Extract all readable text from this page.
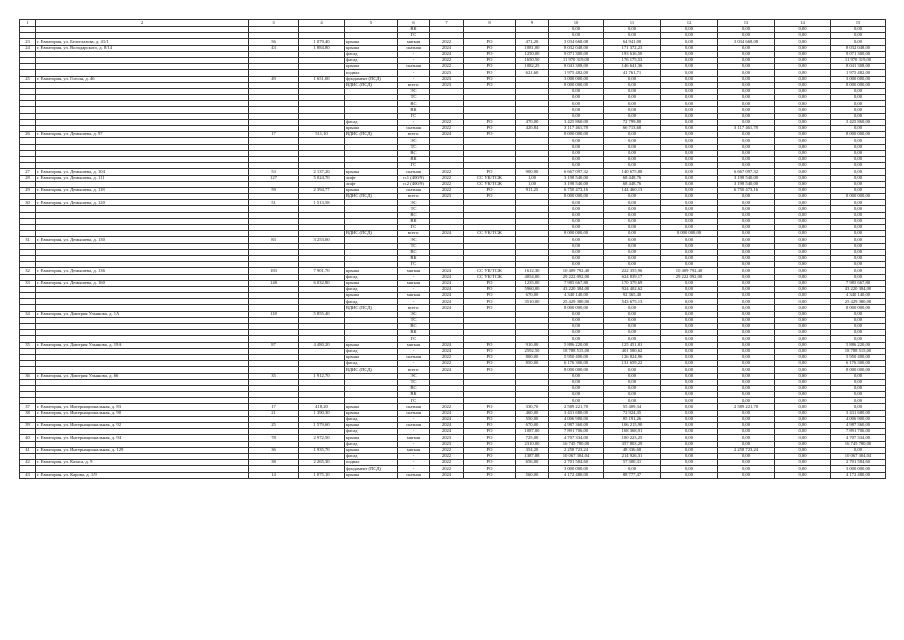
1	2	3	4	5	6	7	8	9	10	11	12	13	14	15
					ВК				0,00	0,00	0,00	0,00	0,00	0,00
					ГС				0,00	0,00	0,00	0,00	0,00	0,00
23	г. Евпатория, ул. Белоглазова, д. 41/1	56	1 079,40	крыша	мягкая	2022	РО	471,20	3 034 668,08	64 941,00	0,00	3 034 668,08	0,00	0,00
24	г. Евпатория, ул. Володарского, д. 8/14	43	1 884,80	крыша	скатная	2024	РО	1081,00	8 032 048,00	171 372,23	0,00	0,00	0,00	8 032 048,00
				фасад	-	2024	РО	1250,00	9 071 300,00	193 616,50	0,00	0,00	0,00	9 071 300,00
				фасад	-	2022	РО	1650,50	11 970 319,00	176 175,53	0,00	0,00	0,00	11 970 319,00
				крыша	скатная	2022	РО	1082,25	8 041 308,00	146 641,36	0,00	0,00	0,00	8 041 308,00
				подвал	-	2023	РО	621,60	1 975 482,00	41 761,71	0,00	0,00	0,00	1 975 482,00
25	г. Евпатория, ул. Гоголя, д. 46	49	1 651,00	фундамент (ПСД)	-	2023	РО		3 000 000,00	0,00	0,00	0,00	0,00	3 000 000,00
				ВДИС (ПСД)	всего:	2023	РО		8 000 000,00	0,00	0,00	0,00	0,00	8 000 000,00
					ЭС				0,00	0,00	0,00	0,00	0,00	0,00
					ТС				0,00	0,00	0,00	0,00	0,00	0,00
					ВС				0,00	0,00	0,00	0,00	0,00	0,00
					ВК				0,00	0,00	0,00	0,00	0,00	0,00
					ГС				0,00	0,00	0,00	0,00	0,00	0,00
				фасад	-	2022	РО	470,00	3 425 860,00	72 799,80	0,00	0,00	0,00	3 425 860,00
				крыша	скатная	2022	РО	420,84	3 117 461,78	66 713,68	0,00	3 117 461,78	0,00	0,00
26	г. Евпатория, ул. Демышева, д. 97	17	511,10	ВДИС (ПСД)	всего:	2024	РО		8 000 000,00	0,00	0,00	0,00	0,00	8 000 000,00
					ЭС				0,00	0,00	0,00	0,00	0,00	0,00
					ТС				0,00	0,00	0,00	0,00	0,00	0,00
					ВС				0,00	0,00	0,00	0,00	0,00	0,00
					ВК				0,00	0,00	0,00	0,00	0,00	0,00
					ГС				0,00	0,00	0,00	0,00	0,00	0,00
27	г. Евпатория, ул. Демышева, д. 104	53	2 137,20	крыша	скатная	2022	РО	900,00	6 667 097,32	140 675,88	0,00	6 667 097,32	0,00	0,00
28	г. Евпатория, ул. Демышева, д. 111	127	5 024,70	лифт	п.1 (400/9)	2022	СС УК/ТСЖ	1,00	3 198 540,00	68 448,76	0,00	3 198 540,00	0,00	0,00
				лифт	п.2 (400/9)	2022	СС УК/ТСЖ	1,00	3 198 540,00	68 448,76	0,00	3 198 540,00	0,00	0,00
29	г. Евпатория, ул. Демышева, д. 118	59	2 394,77	крыша	скатная	2022	РО	911,25	6 750 473,16	144 460,13	0,00	6 750 473,16	0,00	0,00
				ВДИС (ПСД)	всего:	2023	РО		8 000 000,00	0,00	0,00	0,00	0,00	8 000 000,00
30	г. Евпатория, ул. Демышева, д. 120	51	1 513,58		ЭС				0,00	0,00	0,00	0,00	0,00	0,00
					ТС				0,00	0,00	0,00	0,00	0,00	0,00
					ВС				0,00	0,00	0,00	0,00	0,00	0,00
					ВК				0,00	0,00	0,00	0,00	0,00	0,00
					ГС				0,00	0,00	0,00	0,00	0,00	0,00
				ВДИС (ПСД)	всего:	2024	СС УК/ТСЖ		8 000 000,00	0,00	8 000 000,00	0,00	0,00	0,00
31	г. Евпатория, ул. Демышева, д. 130	83	3 253,00		ЭС				0,00	0,00	0,00	0,00	0,00	0,00
					ТС				0,00	0,00	0,00	0,00	0,00	0,00
					ВС				0,00	0,00	0,00	0,00	0,00	0,00
					ВК				0,00	0,00	0,00	0,00	0,00	0,00
					ГС				0,00	0,00	0,00	0,00	0,00	0,00
32	г. Евпатория, ул. Демышева, д. 136	183	7 901,70	крыша	мягкая	2024	СС УК/ТСЖ	1612,30	10 409 792,40	222 355,96	10 409 792,40	0,00	0,00	0,00
				фасад	-	2024	СС УК/ТСЖ	4054,00	29 222 092,00	624 839,17	29 222 092,00	0,00	0,00	0,00
33	г. Евпатория, ул. Демышева, д. 160	148	6 032,80	крыша	мягкая	2024	РО	1235,00	7 985 667,80	170 379,69	0,00	0,00	0,00	7 985 667,80
				фасад	-	2024	РО	5960,00	43 220 384,00	924 402,62	0,00	0,00	0,00	43 220 384,00
				крыша	мягкая	2024	РО	670,00	4 340 140,00	92 365,40	0,00	0,00	0,00	4 340 140,00
				фасад	-	2024	РО	3510,00	25 429 380,00	543 675,13	0,00	0,00	0,00	25 429 380,00
				ВДИС (ПСД)	всего:	2024	РО		8 000 000,00	0,00	0,00	0,00	0,00	8 000 000,00
34	г. Евпатория, ул. Дмитрия Ульянова, д. 1А	118	5 855,40		ЭС				0,00	0,00	0,00	0,00	0,00	0,00
					ТС				0,00	0,00	0,00	0,00	0,00	0,00
					ВС				0,00	0,00	0,00	0,00	0,00	0,00
					ВК				0,00	0,00	0,00	0,00	0,00	0,00
					ГС				0,00	0,00	0,00	0,00	0,00	0,00
35	г. Евпатория, ул. Дмитрия Ульянова, д. 19А	87	4 480,20	крыша	мягкая	2024	РО	910,00	5 886 220,00	125 451,81	0,00	0,00	0,00	5 886 220,00
				фасад	-	2024	РО	2592,50	18 788 515,00	401 580,62	0,00	0,00	0,00	18 788 515,00
				крыша	скатная	2022	РО	800,00	5 950 400,00	126 824,96	0,00	0,00	0,00	5 950 400,00
				фасад	-	2022	РО	850,00	6 176 300,00	131 659,22	0,00	0,00	0,00	6 176 300,00
				ВДИС (ПСД)	всего:	2024	РО		8 000 000,00	0,00	0,00	0,00	0,00	8 000 000,00
36	г. Евпатория, ул. Дмитрия Ульянова, д. 66	35	1 912,70		ЭС				0,00	0,00	0,00	0,00	0,00	0,00
					ТС				0,00	0,00	0,00	0,00	0,00	0,00
					ВС				0,00	0,00	0,00	0,00	0,00	0,00
					ВК				0,00	0,00	0,00	0,00	0,00	0,00
					ГС				0,00	0,00	0,00	0,00	0,00	0,00
37	г. Евпатория, ул. Интернациональная, д. 83	17	418,20	крыша	скатная	2022	РО	330,70	2 589 221,70	55 409,34	0,00	2 589 221,70	0,00	0,00
38	г. Евпатория, ул. Интернациональная, д. 90	21	1 390,30	крыша	скатная	2024	РО	460,00	3 431 680,00	72 924,35	0,00	0,00	0,00	3 431 680,00
				фасад	-	2024	РО	550,00	4 006 900,00	85 191,26	0,00	0,00	0,00	4 006 900,00
39	г. Евпатория, ул. Интернациональная, д. 92	25	1 579,60	крыша	скатная	2024	РО	670,00	4 987 360,00	106 215,90	0,00	0,00	0,00	4 987 360,00
				фасад	-	2024	РО	1087,00	7 891 706,00	168 368,91	0,00	0,00	0,00	7 891 706,00
40	г. Евпатория, ул. Интернациональная, д. 94	78	2 972,50	крыша	мягкая	2023	РО	725,00	4 707 334,00	100 223,25	0,00	0,00	0,00	4 707 334,00
				фасад	-	2023	РО	2310,00	16 745 780,00	357 803,29	0,00	0,00	0,00	16 745 780,00
41	г. Евпатория, ул. Интернациональная, д. 129	36	1 935,70	крыша	мягкая	2022	РО	354,20	2 258 723,24	48 336,68	0,00	2 258 723,24	0,00	0,00
				фасад	-	2022	РО	1387,88	10 067 304,04	214 926,31	0,00	0,00	0,00	10 067 304,04
42	г. Евпатория, ул. Казаса, д. 9	38	2 265,30	подвал	-	2022	РО	656,00	2 701 584,60	57 300,31	0,00	0,00	0,00	2 701 584,60
				фундамент (ПСД)	-	2022	РО		3 000 000,00	0,00	0,00	0,00	0,00	3 000 000,00
43	г. Евпатория, ул. Карова, д. 1/9	14	1 075,10	крыша	скатная	2024	РО	560,00	4 172 480,00	88 777,47	0,00	0,00	0,00	4 172 480,00
